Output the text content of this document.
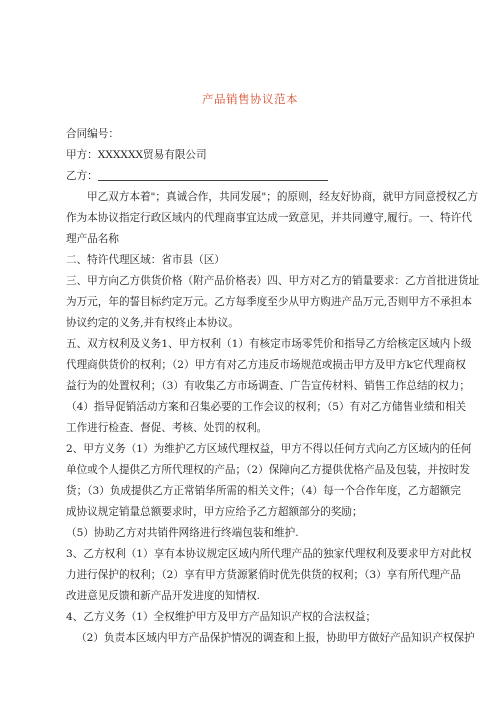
产品销售协议范本
合同编号：
甲方：XXXXXX贸易有限公司
乙方：
甲乙双方本着"；真诚合作，共同发展"；的原则，经友好协商，就甲方同意授权乙方
作为本协议指定行政区域内的代理商事宜达成一致意见，并共同遵守,履行。一、特许代
理产品名称
二、特许代理区域：省市县（区）
三、甲方向乙方供货价格（附产品价格表）四、甲方对乙方的销量要求：乙方首批进货址
为万元，年的誓目标约定万元。乙方每季度至少从甲方购进产品万元,否则甲方不承担本
协议约定的义务,并有权终止本协议。
五、双方权利及义务1、甲方权利（1）有核定市场零凭价和指导乙方给核定区域内卜级
代理商供货价的权利；（2）甲方有对乙方违反市场规范或损击甲方及甲方k它代理商权
益行为的处置权利；（3）有收集乙方市场调查、广告宣传材料、销售工作总结的权力；
（4）指导促销活动方案和召集必要的工作会议的权利；（5）有对乙方储售业绩和相关
工作进行检查、督促、考核、处罚的权利。
2、甲方义务（1）为维护乙方区域代理权益，甲方不得以任何方式向乙方区域内的任何
单位或个人提供乙方所代理权的产品；（2）保障向乙方提供优格产品及包装，并按时发
货；（3）负成提供乙方正常销华所需的相关文件；（4）每一个合作年度，乙方超额完
成协议规定销量总额要求时，甲方应给予乙方超额部分的奖励；
（5）协助乙方对共销件网络进行终端包装和维护.
3、乙方权利（1）享有本协议规定区域内所代理产品的独家代理权利及要求甲方对此权
力进行保护的权利；（2）享有甲方货源紧俏时优先供货的权利；（3）享有所代理产品
改进意见反馈和新产品开发进度的知情权.
4、乙方义务（1）全权维护甲方及甲方产品知识产权的合法权益；
（2）负责本区域内甲方产品保护情况的调查和上报，协助甲方做好产品知识产权保护
